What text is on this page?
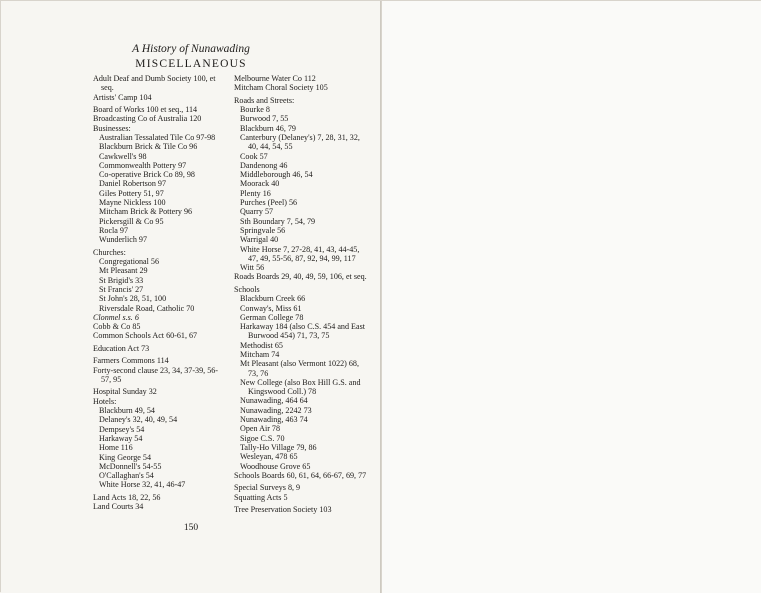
A History of Nunawading
MISCELLANEOUS

Adult Deaf and Dumb Society 100, et seq.

Artists' Camp 104

Board of Works 100 et seq., 114

Broadcasting Co of Australia 120

Businesses:

Australian Tessalated Tile Co 97-98

Blackburn Brick & Tile Co 96

Cawkwell's 98

Commonwealth Pottery 97

Co-operative Brick Co 89, 98

Daniel Robertson 97

Giles Pottery 51, 97

Mayne Nickless 100

Mitcham Brick & Pottery 96

Pickersgill & Co 95

Rocla 97

Wunderlich 97

Churches:

Congregational 56

Mt Pleasant 29

St Brigid's 33

St Francis' 27

St John's 28, 51, 100

Riversdale Road, Catholic 70

Clonmel s.s. 6

Cobb & Co 85

Common Schools Act 60-61, 67

Education Act 73

Farmers Commons 114

Forty-second clause 23, 34, 37-39, 56-57, 95

Hospital Sunday 32

Hotels:

Blackburn 49, 54

Delaney's 32, 40, 49, 54

Dempsey's 54

Harkaway 54

Home 116

King George 54

McDonnell's 54-55

O'Callaghan's 54

White Horse 32, 41, 46-47

Land Acts 18, 22, 56

Land Courts 34

Melbourne Water Co 112

Mitcham Choral Society 105

Roads and Streets:

Bourke 8

Burwood 7, 55

Blackburn 46, 79

Canterbury (Delaney's) 7, 28, 31, 32, 40, 44, 54, 55

Cook 57

Dandenong 46

Middleborough 46, 54

Moorack 40

Plenty 16

Purches (Peel) 56

Quarry 57

Sth Boundary 7, 54, 79

Springvale 56

Warrigal 40

White Horse 7, 27-28, 41, 43, 44-45, 47, 49, 55-56, 87, 92, 94, 99, 117

Witt 56

Roads Boards 29, 40, 49, 59, 106, et seq.

Schools

Blackburn Creek 66

Conway's, Miss 61

German College 78

Harkaway 184 (also C.S. 454 and East Burwood 454) 71, 73, 75

Methodist 65

Mitcham 74

Mt Pleasant (also Vermont 1022) 68, 73, 76

New College (also Box Hill G.S. and Kingswood Coll.) 78

Nunawading, 464 64

Nunawading, 2242 73

Nunawading, 463 74

Open Air 78

Sigoe C.S. 70

Tally-Ho Village 79, 86

Wesleyan, 478 65

Woodhouse Grove 65

Schools Boards 60, 61, 64, 66-67, 69, 77

Special Surveys 8, 9

Squatting Acts 5

Tree Preservation Society 103

150
